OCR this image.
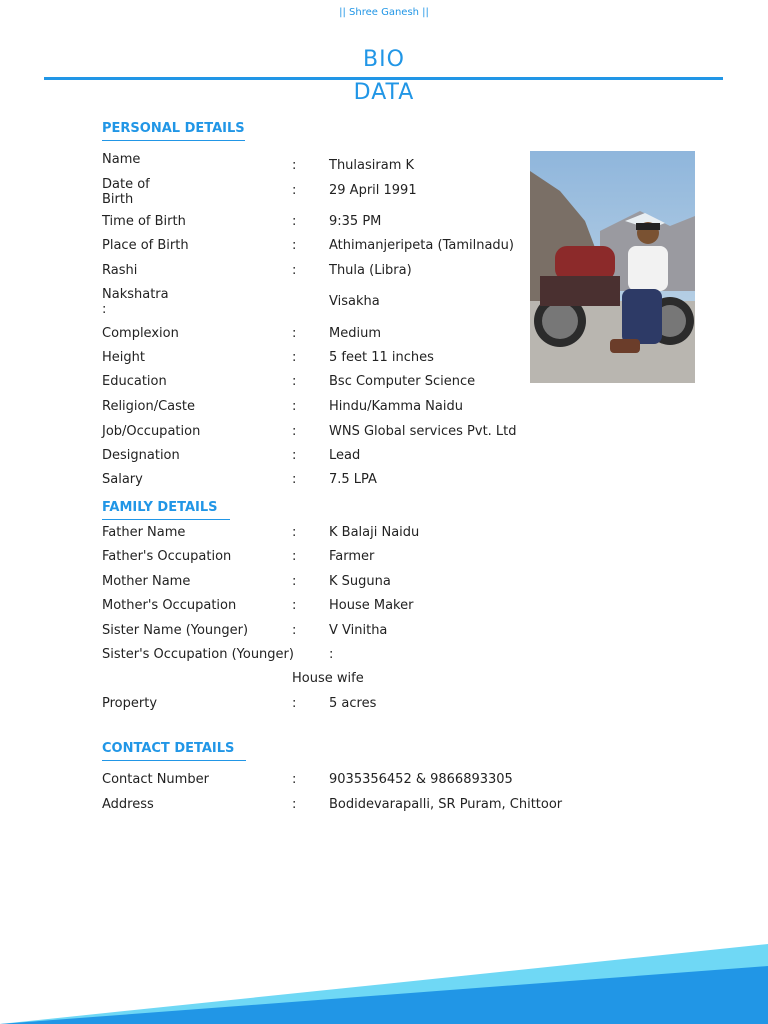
|| Shree Ganesh ||
BIO
DATA
PERSONAL DETAILS
Name	:	Thulasiram K
Date of
Birth
:	29 April 1991
Time of Birth	:	9:35 PM
Place of Birth	:	Athimanjeripeta (Tamilnadu)
Rashi	:	Thula (Libra)
Nakshatra
:
Visakha
Complexion	:	Medium
Height	:	5 feet 11 inches
Education	:	Bsc Computer Science
Religion/Caste	:	Hindu/Kamma Naidu
Job/Occupation	:	WNS Global services Pvt. Ltd
Designation	:	Lead
Salary	:	7.5 LPA
FAMILY DETAILS
Father Name	:	K Balaji Naidu
Father's Occupation	:	Farmer
Mother Name	:	K Suguna
Mother's Occupation	:	House Maker
Sister Name (Younger)	:	V Vinitha
Sister's Occupation (Younger)	:
House wife
Property	:	5 acres
CONTACT DETAILS
Contact Number	:	9035356452 & 9866893305
Address	:	Bodidevarapalli, SR Puram, Chittoor
